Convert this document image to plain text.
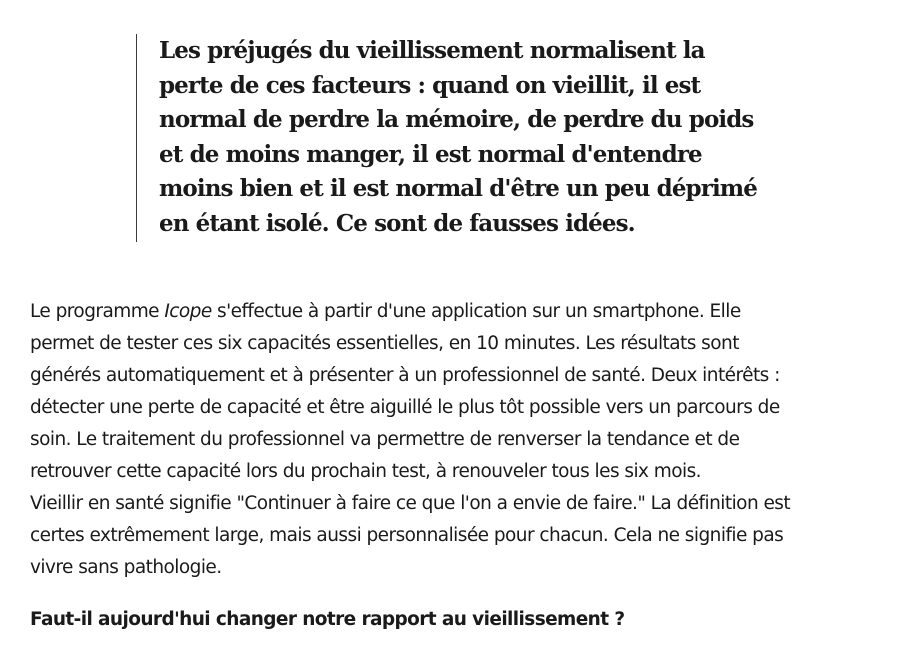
Les préjugés du vieillissement normalisent la
perte de ces facteurs : quand on vieillit, il est
normal de perdre la mémoire, de perdre du poids
et de moins manger, il est normal d'entendre
moins bien et il est normal d'être un peu déprimé
en étant isolé. Ce sont de fausses idées.

Le programme Icope s'effectue à partir d'une application sur un smartphone. Elle
permet de tester ces six capacités essentielles, en 10 minutes. Les résultats sont
générés automatiquement et à présenter à un professionnel de santé. Deux intérêts :
détecter une perte de capacité et être aiguillé le plus tôt possible vers un parcours de
soin. Le traitement du professionnel va permettre de renverser la tendance et de
retrouver cette capacité lors du prochain test, à renouveler tous les six mois.

Vieillir en santé signifie "Continuer à faire ce que l'on a envie de faire." La définition est
certes extrêmement large, mais aussi personnalisée pour chacun. Cela ne signifie pas
vivre sans pathologie.

Faut-il aujourd'hui changer notre rapport au vieillissement ?
